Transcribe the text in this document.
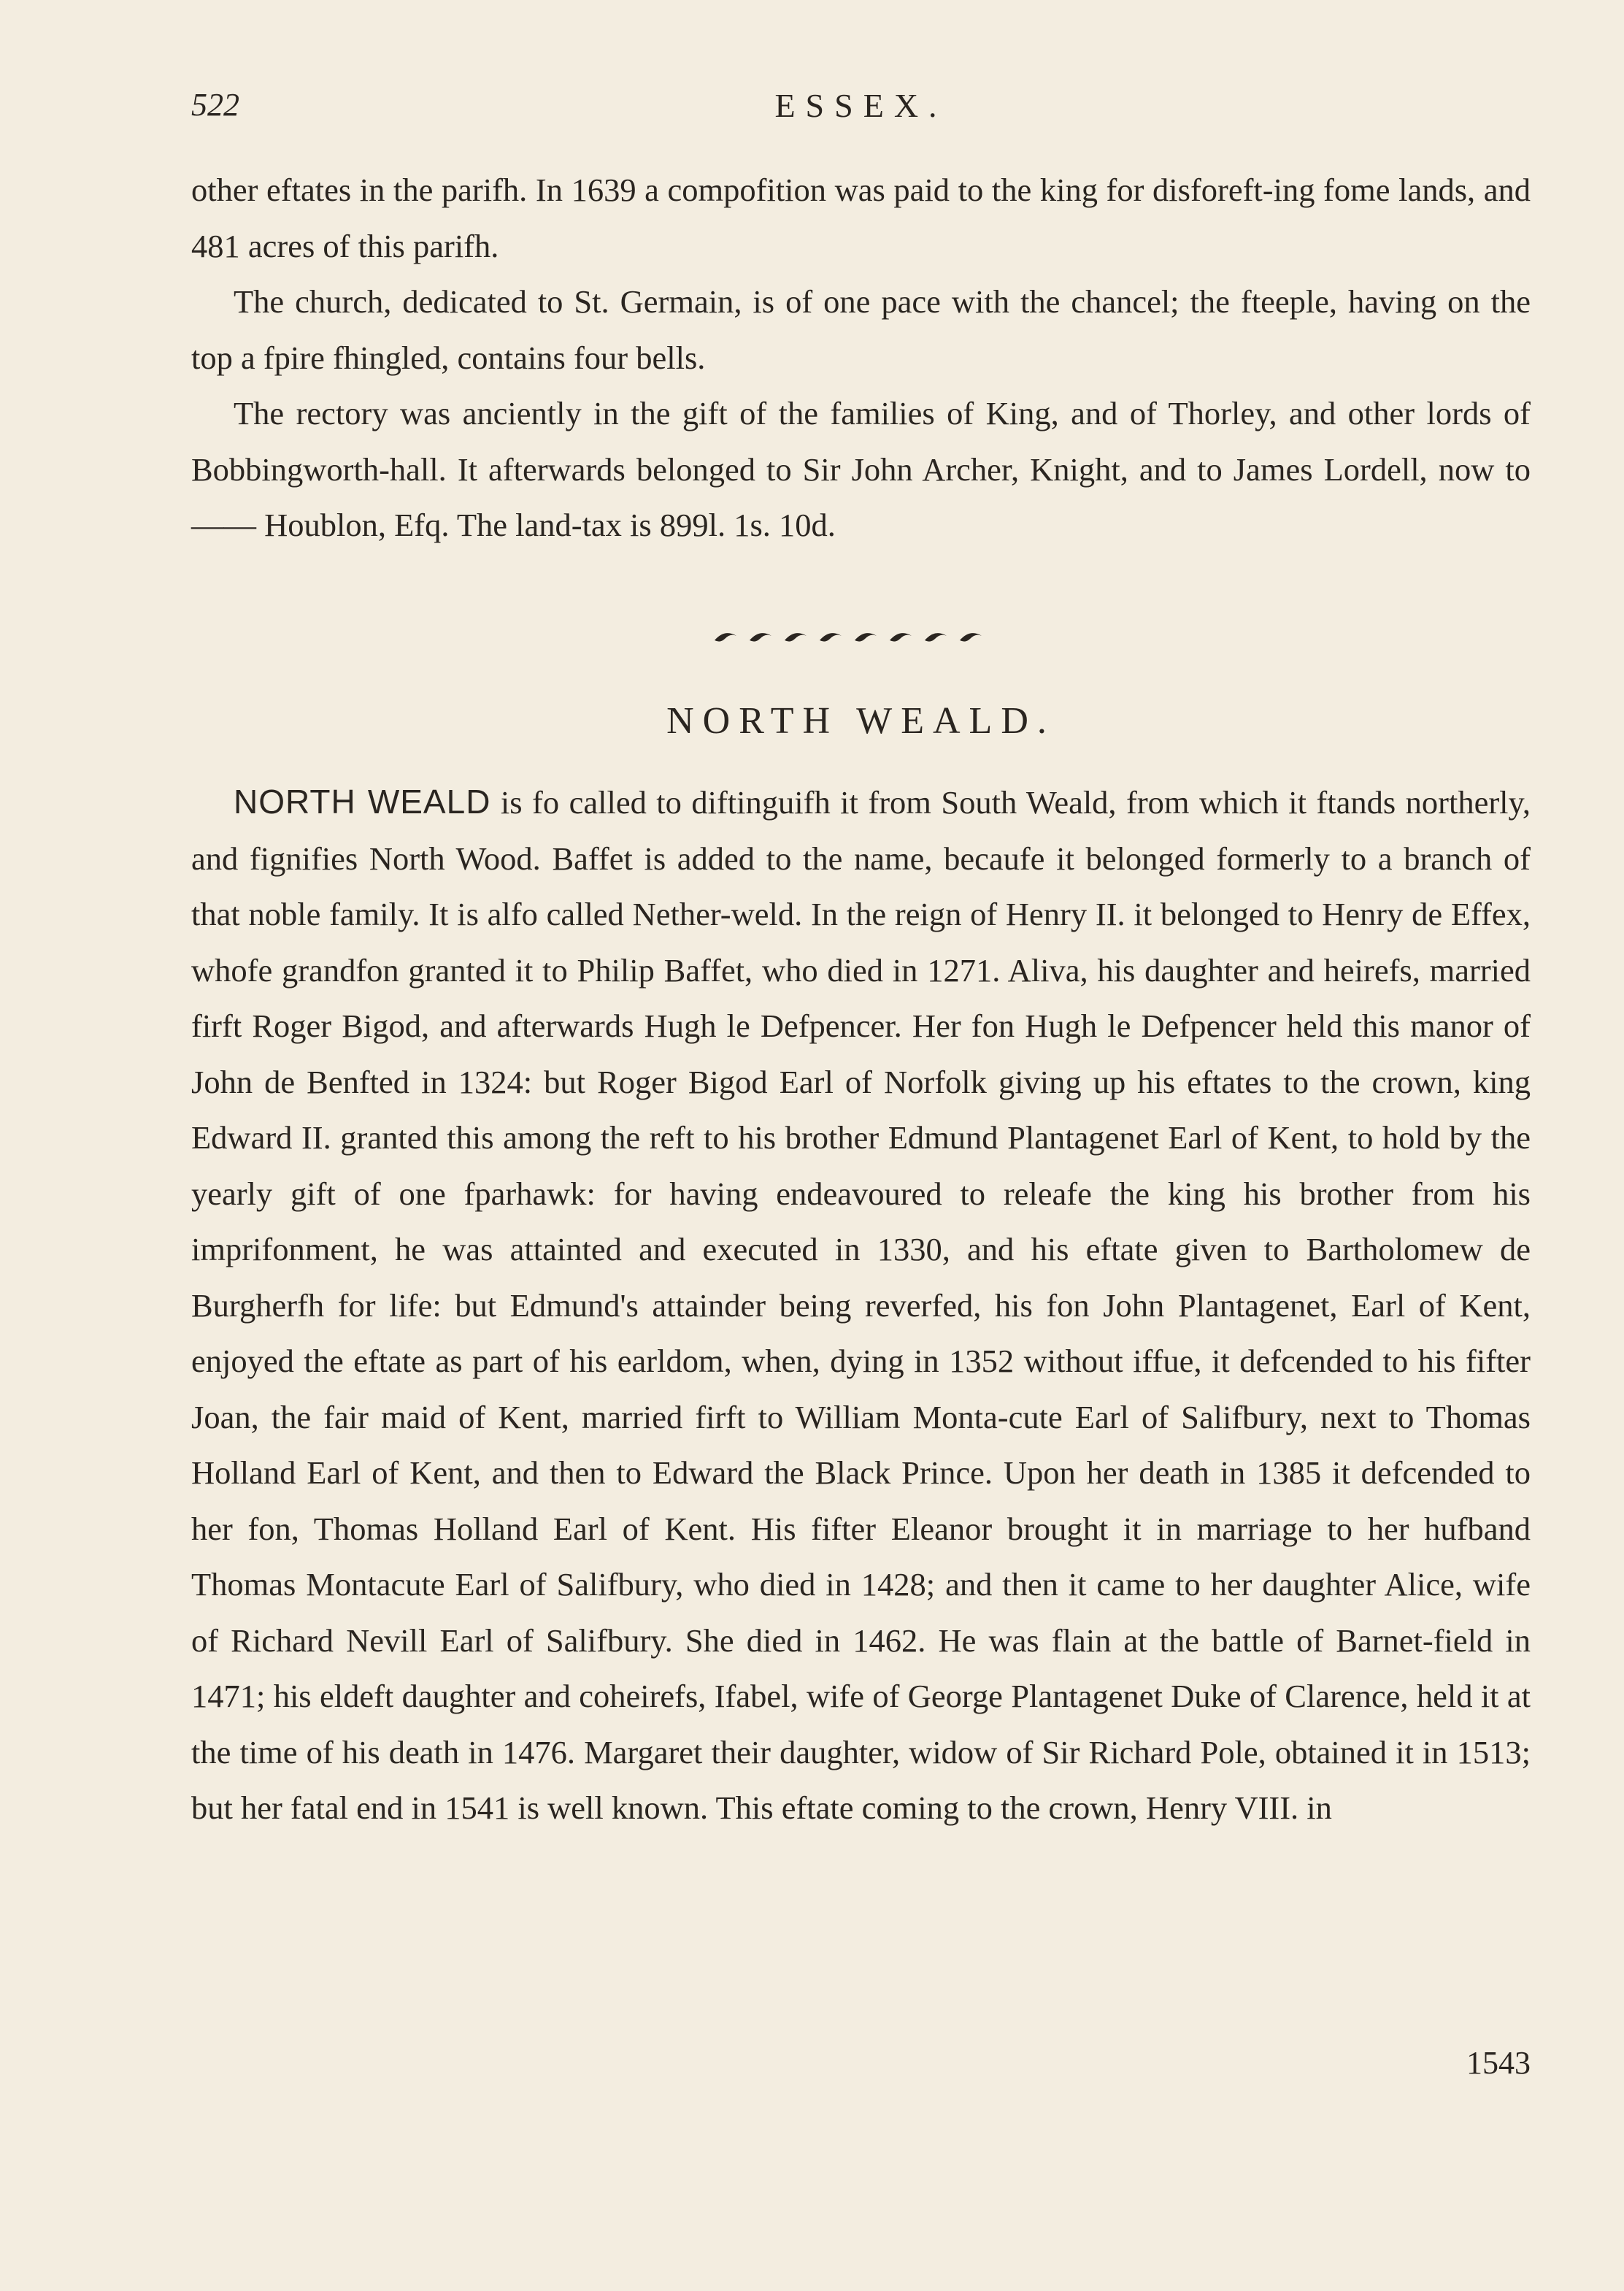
522	ESSEX.

other eftates in the parifh. In 1639 a compofition was paid to the king for disforeft-ing fome lands, and 481 acres of this parifh.

The church, dedicated to St. Germain, is of one pace with the chancel; the fteeple, having on the top a fpire fhingled, contains four bells.

The rectory was anciently in the gift of the families of King, and of Thorley, and other lords of Bobbingworth-hall. It afterwards belonged to Sir John Archer, Knight, and to James Lordell, now to —— Houblon, Efq. The land-tax is 899l. 1s. 10d.

NORTH WEALD.

NORTH WEALD is fo called to diftinguifh it from South Weald, from which it ftands northerly, and fignifies North Wood. Baffet is added to the name, becaufe it belonged formerly to a branch of that noble family. It is alfo called Nether-weld. In the reign of Henry II. it belonged to Henry de Effex, whofe grandfon granted it to Philip Baffet, who died in 1271. Aliva, his daughter and heirefs, married firft Roger Bigod, and afterwards Hugh le Defpencer. Her fon Hugh le Defpencer held this manor of John de Benfted in 1324: but Roger Bigod Earl of Norfolk giving up his eftates to the crown, king Edward II. granted this among the reft to his brother Edmund Plantagenet Earl of Kent, to hold by the yearly gift of one fparhawk: for having endeavoured to releafe the king his brother from his imprifonment, he was attainted and executed in 1330, and his eftate given to Bartholomew de Burgherfh for life: but Edmund's attainder being reverfed, his fon John Plantagenet, Earl of Kent, enjoyed the eftate as part of his earldom, when, dying in 1352 without iffue, it defcended to his fifter Joan, the fair maid of Kent, married firft to William Monta-cute Earl of Salifbury, next to Thomas Holland Earl of Kent, and then to Edward the Black Prince. Upon her death in 1385 it defcended to her fon, Thomas Holland Earl of Kent. His fifter Eleanor brought it in marriage to her hufband Thomas Montacute Earl of Salifbury, who died in 1428; and then it came to her daughter Alice, wife of Richard Nevill Earl of Salifbury. She died in 1462. He was flain at the battle of Barnet-field in 1471; his eldeft daughter and coheirefs, Ifabel, wife of George Plantagenet Duke of Clarence, held it at the time of his death in 1476. Margaret their daughter, widow of Sir Richard Pole, obtained it in 1513; but her fatal end in 1541 is well known. This eftate coming to the crown, Henry VIII. in

1543
